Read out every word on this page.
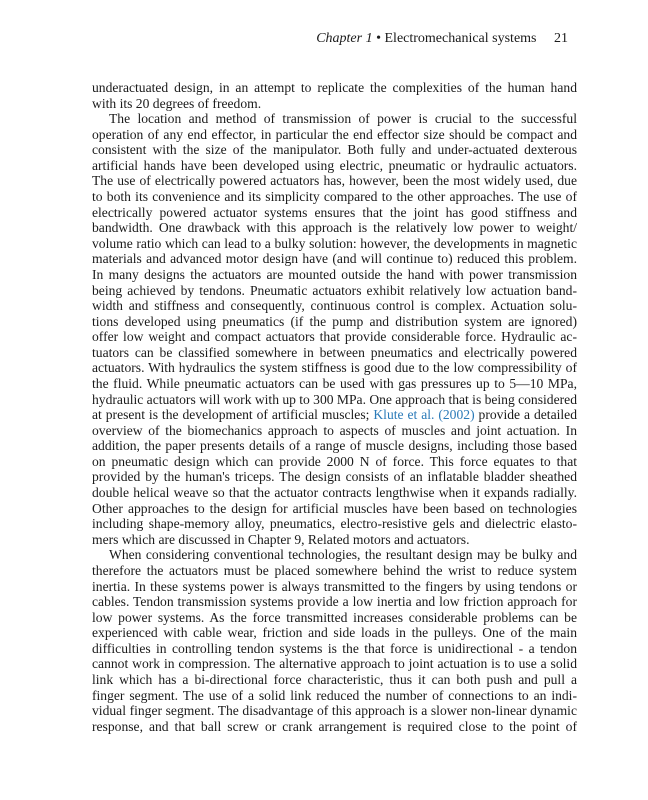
Chapter 1 • Electromechanical systems 21
underactuated design, in an attempt to replicate the complexities of the human hand
with its 20 degrees of freedom.
The location and method of transmission of power is crucial to the successful
operation of any end effector, in particular the end effector size should be compact and
consistent with the size of the manipulator. Both fully and under-actuated dexterous
artificial hands have been developed using electric, pneumatic or hydraulic actuators.
The use of electrically powered actuators has, however, been the most widely used, due
to both its convenience and its simplicity compared to the other approaches. The use of
electrically powered actuator systems ensures that the joint has good stiffness and
bandwidth. One drawback with this approach is the relatively low power to weight/
volume ratio which can lead to a bulky solution: however, the developments in magnetic
materials and advanced motor design have (and will continue to) reduced this problem.
In many designs the actuators are mounted outside the hand with power transmission
being achieved by tendons. Pneumatic actuators exhibit relatively low actuation band-
width and stiffness and consequently, continuous control is complex. Actuation solu-
tions developed using pneumatics (if the pump and distribution system are ignored)
offer low weight and compact actuators that provide considerable force. Hydraulic ac-
tuators can be classified somewhere in between pneumatics and electrically powered
actuators. With hydraulics the system stiffness is good due to the low compressibility of
the fluid. While pneumatic actuators can be used with gas pressures up to 5—10 MPa,
hydraulic actuators will work with up to 300 MPa. One approach that is being considered
at present is the development of artificial muscles; Klute et al. (2002) provide a detailed
overview of the biomechanics approach to aspects of muscles and joint actuation. In
addition, the paper presents details of a range of muscle designs, including those based
on pneumatic design which can provide 2000 N of force. This force equates to that
provided by the human's triceps. The design consists of an inflatable bladder sheathed
double helical weave so that the actuator contracts lengthwise when it expands radially.
Other approaches to the design for artificial muscles have been based on technologies
including shape-memory alloy, pneumatics, electro-resistive gels and dielectric elasto-
mers which are discussed in Chapter 9, Related motors and actuators.
When considering conventional technologies, the resultant design may be bulky and
therefore the actuators must be placed somewhere behind the wrist to reduce system
inertia. In these systems power is always transmitted to the fingers by using tendons or
cables. Tendon transmission systems provide a low inertia and low friction approach for
low power systems. As the force transmitted increases considerable problems can be
experienced with cable wear, friction and side loads in the pulleys. One of the main
difficulties in controlling tendon systems is the that force is unidirectional - a tendon
cannot work in compression. The alternative approach to joint actuation is to use a solid
link which has a bi-directional force characteristic, thus it can both push and pull a
finger segment. The use of a solid link reduced the number of connections to an indi-
vidual finger segment. The disadvantage of this approach is a slower non-linear dynamic
response, and that ball screw or crank arrangement is required close to the point of
